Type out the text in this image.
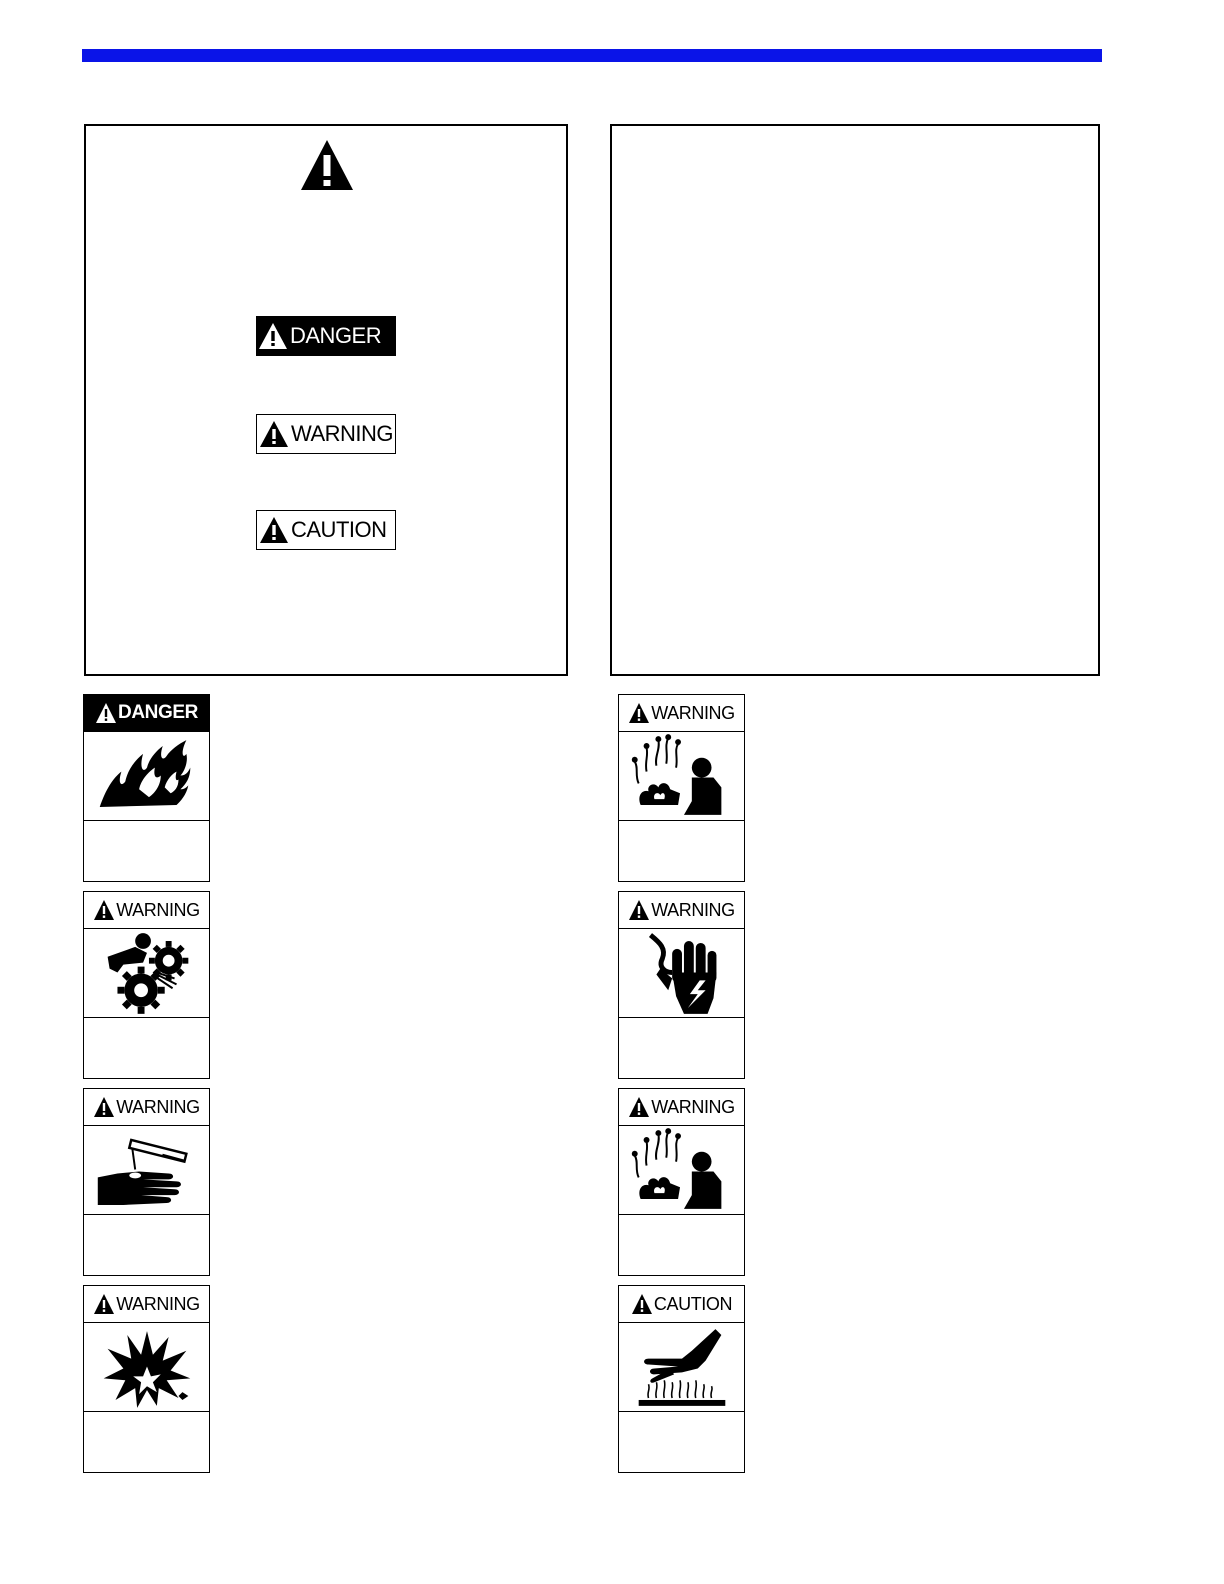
DANGER
WARNING
CAUTION
DANGER	WARNING
WARNING	WARNING
WARNING	WARNING
WARNING	CAUTION
